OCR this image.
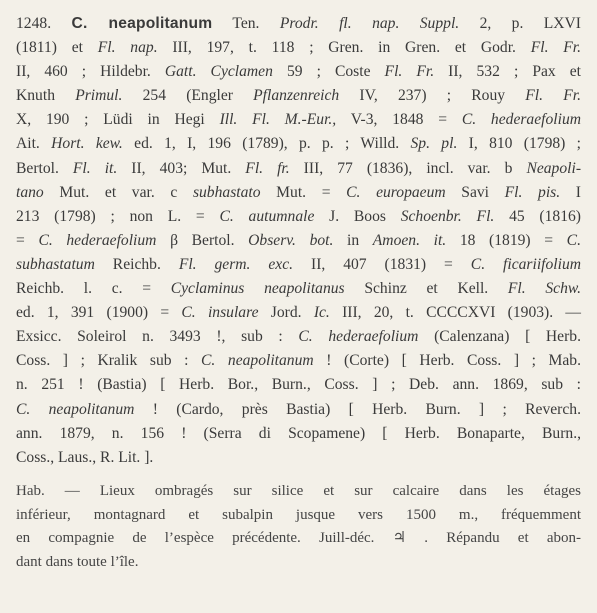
1248. C. neapolitanum Ten. Prodr. fl. nap. Suppl. 2, p. LXVI
(1811) et Fl. nap. III, 197, t. 118 ; Gren. in Gren. et Godr. Fl. Fr.
II, 460 ; Hildebr. Gatt. Cyclamen 59 ; Coste Fl. Fr. II, 532 ; Pax et
Knuth Primul. 254 (Engler Pflanzenreich IV, 237) ; Rouy Fl. Fr.
X, 190 ; Lüdi in Hegi Ill. Fl. M.-Eur., V-3, 1848 = C. hederaefolium
Ait. Hort. kew. ed. 1, I, 196 (1789), p. p. ; Willd. Sp. pl. I, 810 (1798) ;
Bertol. Fl. it. II, 403; Mut. Fl. fr. III, 77 (1836), incl. var. b Neapoli-
tano Mut. et var. c subhastato Mut. = C. europaeum Savi Fl. pis. I
213 (1798) ; non L. = C. autumnale J. Boos Schoenbr. Fl. 45 (1816)
= C. hederaefolium β Bertol. Observ. bot. in Amoen. it. 18 (1819) = C.
subhastatum Reichb. Fl. germ. exc. II, 407 (1831) = C. ficariifolium
Reichb. l. c. = Cyclaminus neapolitanus Schinz et Kell. Fl. Schw.
ed. 1, 391 (1900) = C. insulare Jord. Ic. III, 20, t. CCCCXVI (1903). —
Exsicc. Soleirol n. 3493 !, sub : C. hederaefolium (Calenzana) [ Herb.
Coss. ] ; Kralik sub : C. neapolitanum ! (Corte) [ Herb. Coss. ] ; Mab.
n. 251 ! (Bastia) [ Herb. Bor., Burn., Coss. ] ; Deb. ann. 1869, sub :
C. neapolitanum ! (Cardo, près Bastia) [ Herb. Burn. ] ; Reverch.
ann. 1879, n. 156 ! (Serra di Scopamene) [ Herb. Bonaparte, Burn.,
Coss., Laus., R. Lit. ].
Hab. — Lieux ombragés sur silice et sur calcaire dans les étages
inférieur, montagnard et subalpin jusque vers 1500 m., fréquemment
en compagnie de l’espèce précédente. Juill-déc. ♃ . Répandu et abon-
dant dans toute l’île.
